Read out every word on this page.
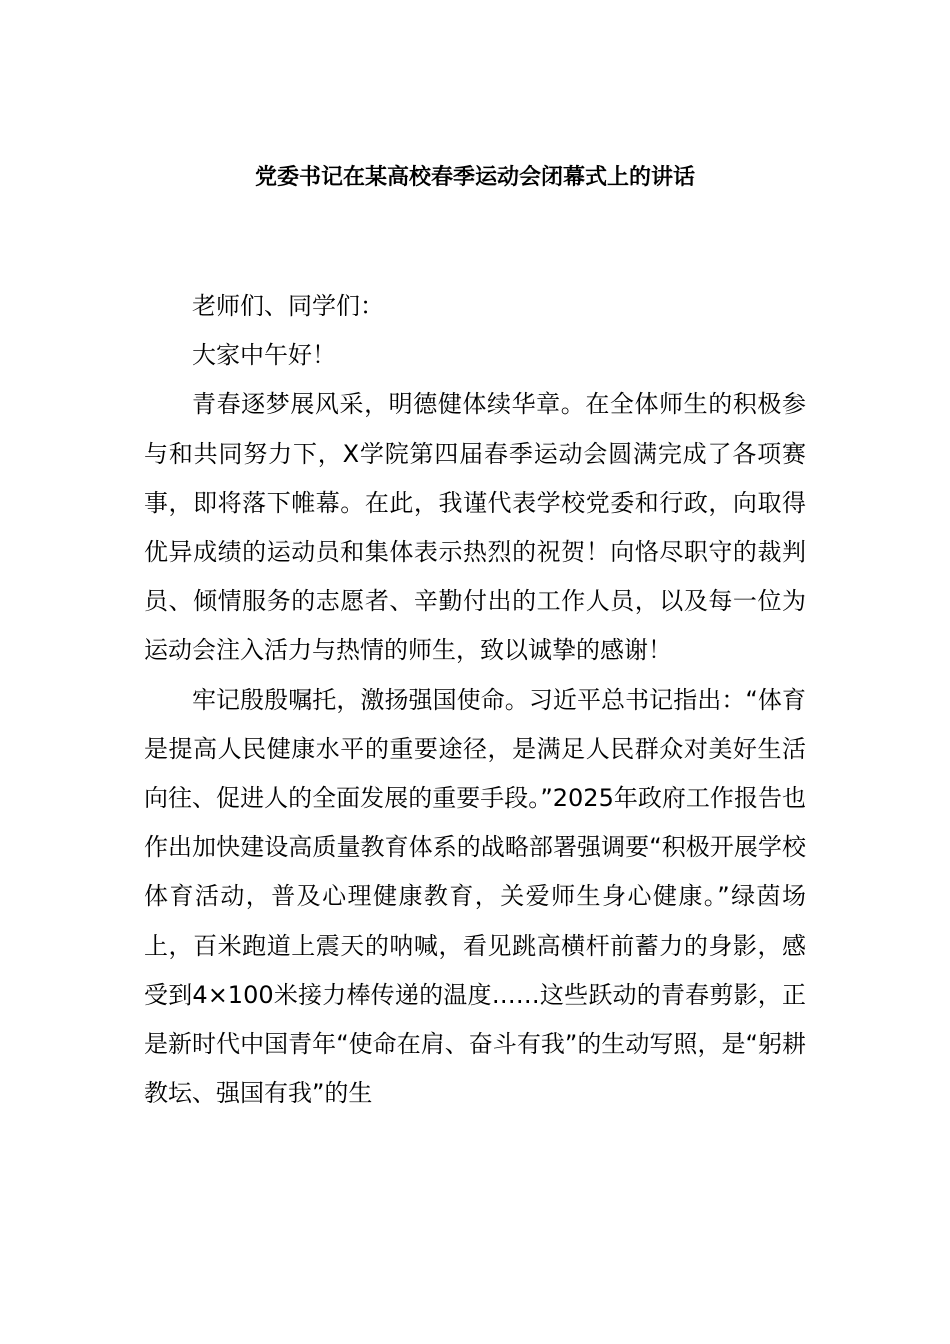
党委书记在某高校春季运动会闭幕式上的讲话

老师们、同学们：

大家中午好！

青春逐梦展风采，明德健体续华章。在全体师生的积极参与和共同努力下，X学院第四届春季运动会圆满完成了各项赛事，即将落下帷幕。在此，我谨代表学校党委和行政，向取得优异成绩的运动员和集体表示热烈的祝贺！向恪尽职守的裁判员、倾情服务的志愿者、辛勤付出的工作人员，以及每一位为运动会注入活力与热情的师生，致以诚挚的感谢！

牢记殷殷嘱托，激扬强国使命。习近平总书记指出：“体育是提高人民健康水平的重要途径，是满足人民群众对美好生活向往、促进人的全面发展的重要手段。”2025年政府工作报告也作出加快建设高质量教育体系的战略部署强调要“积极开展学校体育活动，普及心理健康教育，关爱师生身心健康。”绿茵场上，百米跑道上震天的呐喊，看见跳高横杆前蓄力的身影，感受到4×100米接力棒传递的温度……这些跃动的青春剪影，正是新时代中国青年“使命在肩、奋斗有我”的生动写照，是“躬耕教坛、强国有我”的生
